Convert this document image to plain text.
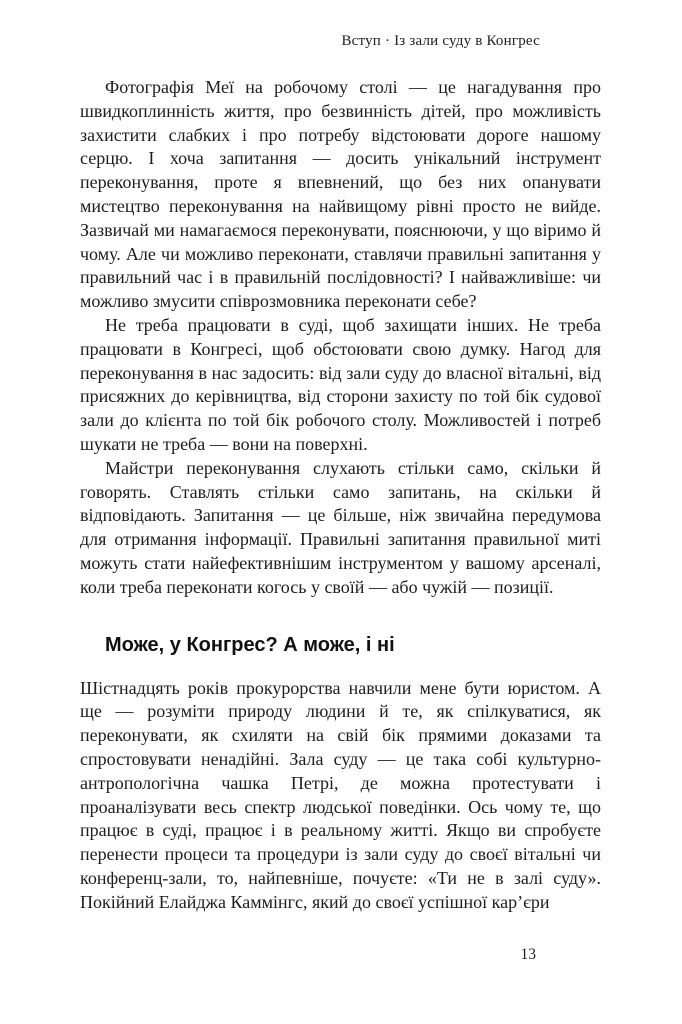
Вступ · Із зали суду в Конгрес

Фотографія Меї на робочому столі — це нагадування про швидкоплинність життя, про безвинність дітей, про можливість захистити слабких і про потребу відстоювати дороге нашому серцю. І хоча запитання — досить унікальний інструмент переконування, проте я впевнений, що без них опанувати мистецтво переконування на найвищому рівні просто не вийде. Зазвичай ми намагаємося переконувати, пояснюючи, у що віримо й чому. Але чи можливо переконати, ставлячи правильні запитання у правильний час і в правильній послідовності? І найважливіше: чи можливо змусити співрозмовника переконати себе?

Не треба працювати в суді, щоб захищати інших. Не треба працювати в Конгресі, щоб обстоювати свою думку. Нагод для переконування в нас задосить: від зали суду до власної вітальні, від присяжних до керівництва, від сторони захисту по той бік судової зали до клієнта по той бік робочого столу. Можливостей і потреб шукати не треба — вони на поверхні.

Майстри переконування слухають стільки само, скільки й говорять. Ставлять стільки само запитань, на скільки й відповідають. Запитання — це більше, ніж звичайна передумова для отримання інформації. Правильні запитання правильної миті можуть стати найефективнішим інструментом у вашому арсеналі, коли треба переконати когось у своїй — або чужій — позиції.

Може, у Конгрес? А може, і ні

Шістнадцять років прокурорства навчили мене бути юристом. А ще — розуміти природу людини й те, як спілкуватися, як переконувати, як схиляти на свій бік прямими доказами та спростовувати ненадійні. Зала суду — це така собі культурно-антропологічна чашка Петрі, де можна протестувати і проаналізувати весь спектр людської поведінки. Ось чому те, що працює в суді, працює і в реальному житті. Якщо ви спробуєте перенести процеси та процедури із зали суду до своєї вітальні чи конференц-зали, то, найпевніше, почуєте: «Ти не в залі суду». Покійний Елайджа Каммінгс, який до своєї успішної кар’єри

13
